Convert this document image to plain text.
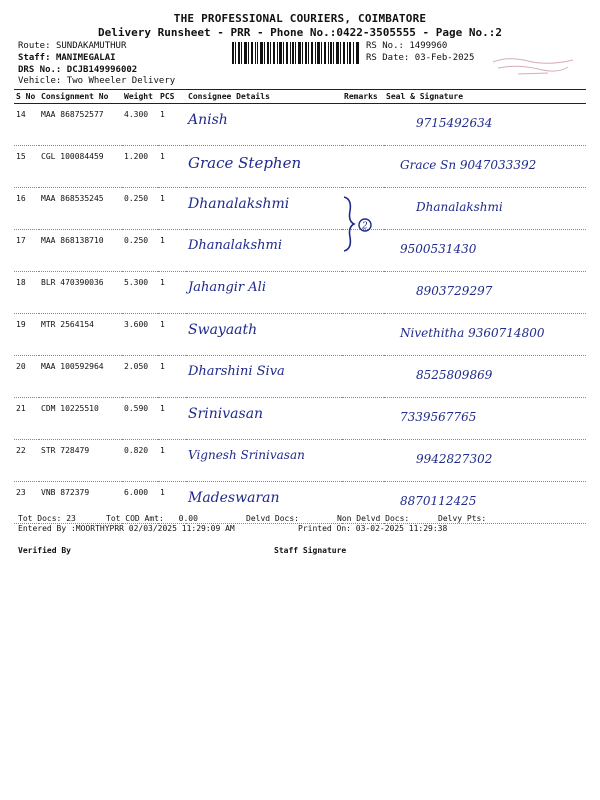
THE PROFESSIONAL COURIERS, COIMBATORE
Delivery Runsheet - PRR - Phone No.:0422-3505555 - Page No.:2
Route: SUNDAKAMUTHUR
Staff: MANIMEGALAI
DRS No.: DCJB149996002
Vehicle: Two Wheeler Delivery
RS No.: 1499960
RS Date: 03-Feb-2025
S No	Consignment No	Weight	PCS	Consignee Details	Remarks	Seal & Signature
14	MAA 868752577	4.300	1	Anish		9715492634
15	CGL 100084459	1.200	1	Grace Stephen		Grace Sn 9047033392
16	MAA 868535245	0.250	1	Dhanalakshmi		Dhanalakshmi
17	MAA 868138710	0.250	1	Dhanalakshmi		9500531430
18	BLR 470390036	5.300	1	Jahangir Ali		8903729297
19	MTR 2564154	3.600	1	Swayaath		Nivethitha 9360714800
20	MAA 100592964	2.050	1	Dharshini Siva		8525809869
21	CDM 10225510	0.590	1	Srinivasan		7339567765
22	STR 728479	0.820	1	Vignesh Srinivasan		9942827302
23	VNB 872379	6.000	1	Madeswaran		8870112425
2
Tot Docs: 23	Tot COD Amt: 0.00	Delvd Docs:	Non Delvd Docs:	Delvy Pts:
Entered By :MOORTHYPRR 02/03/2025 11:29:09 AM	Printed On: 03-02-2025 11:29:38
Verified By	Staff Signature
